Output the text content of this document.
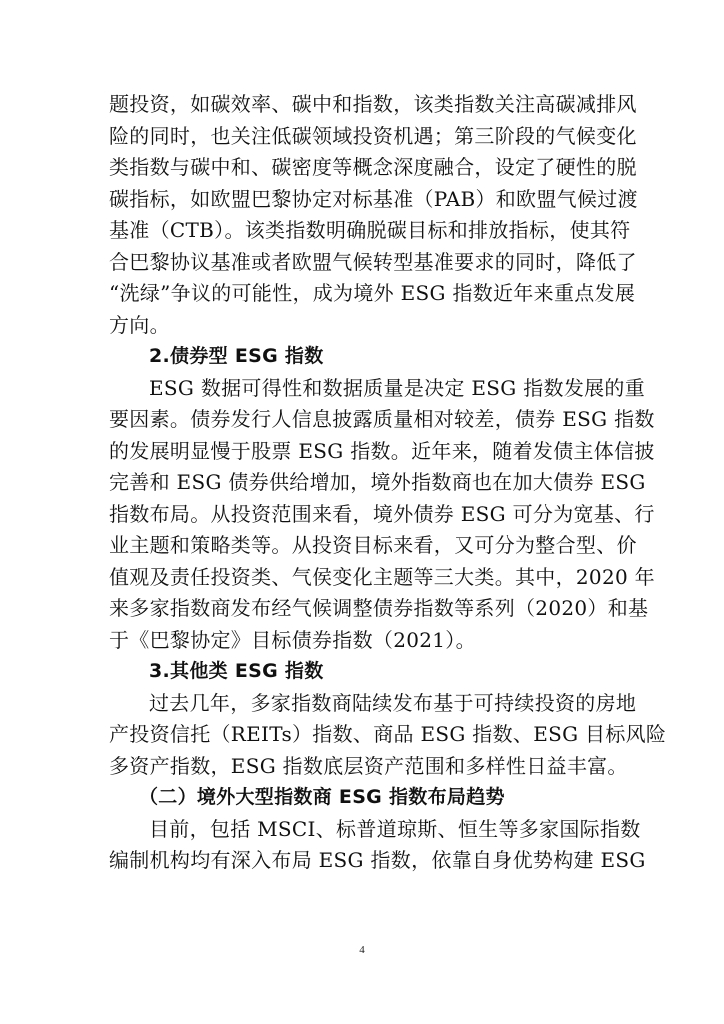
题投资，如碳效率、碳中和指数，该类指数关注高碳减排风
险的同时，也关注低碳领域投资机遇；第三阶段的气候变化
类指数与碳中和、碳密度等概念深度融合，设定了硬性的脱
碳指标，如欧盟巴黎协定对标基准（PAB）和欧盟气候过渡
基准（CTB）。该类指数明确脱碳目标和排放指标，使其符
合巴黎协议基准或者欧盟气候转型基准要求的同时，降低了
“洗绿”争议的可能性，成为境外 ESG 指数近年来重点发展
方向。
2.债券型 ESG 指数
ESG 数据可得性和数据质量是决定 ESG 指数发展的重
要因素。债券发行人信息披露质量相对较差，债券 ESG 指数
的发展明显慢于股票 ESG 指数。近年来，随着发债主体信披
完善和 ESG 债券供给增加，境外指数商也在加大债券 ESG
指数布局。从投资范围来看，境外债券 ESG 可分为宽基、行
业主题和策略类等。从投资目标来看，又可分为整合型、价
值观及责任投资类、气侯变化主题等三大类。其中，2020 年
来多家指数商发布经气候调整债券指数等系列（2020）和基
于《巴黎协定》目标债券指数（2021）。
3.其他类 ESG 指数
过去几年，多家指数商陆续发布基于可持续投资的房地
产投资信托（REITs）指数、商品 ESG 指数、ESG 目标风险
多资产指数，ESG 指数底层资产范围和多样性日益丰富。
（二）境外大型指数商 ESG 指数布局趋势
目前，包括 MSCI、标普道琼斯、恒生等多家国际指数
编制机构均有深入布局 ESG 指数，依靠自身优势构建 ESG
4
